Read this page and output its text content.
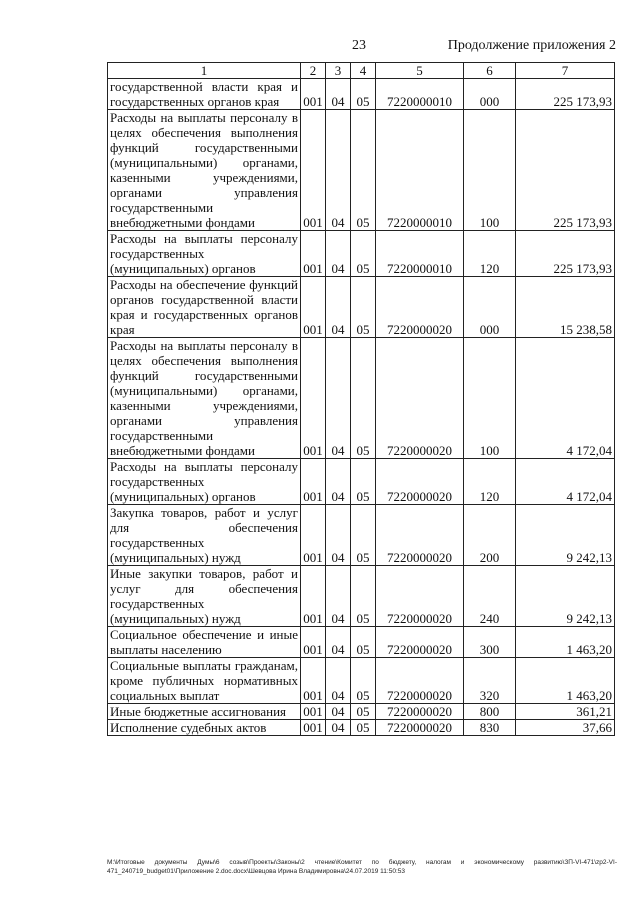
23	Продолжение приложения 2
1	2	3	4	5	6	7
государственной власти края и государственных органов края	001	04	05	7220000010	000	225 173,93
Расходы на выплаты персоналу в целях обеспечения выполнения функций государственными (муниципальными) органами, казенными учреждениями, органами управления государственными внебюджетными фондами	001	04	05	7220000010	100	225 173,93
Расходы на выплаты персоналу государственных (муниципальных) органов	001	04	05	7220000010	120	225 173,93
Расходы на обеспечение функций органов государственной власти края и государственных органов края	001	04	05	7220000020	000	15 238,58
Расходы на выплаты персоналу в целях обеспечения выполнения функций государственными (муниципальными) органами, казенными учреждениями, органами управления государственными внебюджетными фондами	001	04	05	7220000020	100	4 172,04
Расходы на выплаты персоналу государственных (муниципальных) органов	001	04	05	7220000020	120	4 172,04
Закупка товаров, работ и услуг для обеспечения государственных (муниципальных) нужд	001	04	05	7220000020	200	9 242,13
Иные закупки товаров, работ и услуг для обеспечения государственных (муниципальных) нужд	001	04	05	7220000020	240	9 242,13
Социальное обеспечение и иные выплаты населению	001	04	05	7220000020	300	1 463,20
Социальные выплаты гражданам, кроме публичных нормативных социальных выплат	001	04	05	7220000020	320	1 463,20
Иные бюджетные ассигнования	001	04	05	7220000020	800	361,21
Исполнение судебных актов	001	04	05	7220000020	830	37,66
M:\Итоговые документы Думы\6 созыв\Проекты\Законы\2 чтение\Комитет по бюджету, налогам и экономическому развитию\ЗП-VI-471\zp2-VI-471_240719_budget01\Приложение 2.doc.docx\Шевцова Ирина Владимировна\24.07.2019 11:50:53
